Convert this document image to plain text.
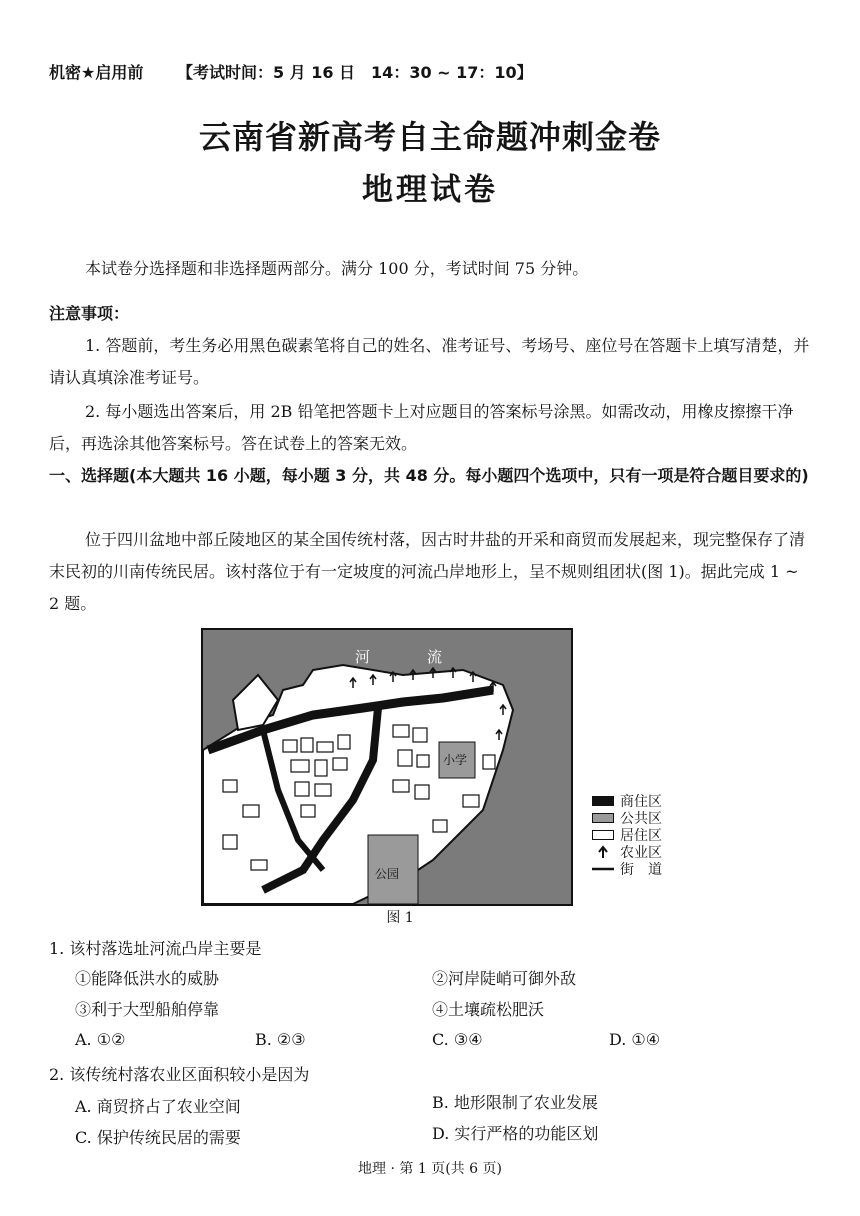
机密★启用前 【考试时间：5 月 16 日　14：30 ~ 17：10】
云南省新高考自主命题冲刺金卷
地理试卷
本试卷分选择题和非选择题两部分。满分 100 分，考试时间 75 分钟。
注意事项：
1. 答题前，考生务必用黑色碳素笔将自己的姓名、准考证号、考场号、座位号在答题卡上填写清楚，并请认真填涂准考证号。
2. 每小题选出答案后，用 2B 铅笔把答题卡上对应题目的答案标号涂黑。如需改动，用橡皮擦擦干净后，再选涂其他答案标号。答在试卷上的答案无效。
一、选择题(本大题共 16 小题，每小题 3 分，共 48 分。每小题四个选项中，只有一项是符合题目要求的)
位于四川盆地中部丘陵地区的某全国传统村落，因古时井盐的开采和商贸而发展起来，现完整保存了清末民初的川南传统民居。该村落位于有一定坡度的河流凸岸地形上，呈不规则组团状(图 1)。据此完成 1 ~ 2 题。
河	流
小学
公园
商住区
公共区
居住区
农业区
街　道
图 1
1. 该村落选址河流凸岸主要是
①能降低洪水的威胁	②河岸陡峭可御外敌
③利于大型船舶停靠	④土壤疏松肥沃
A. ①②	B. ②③	C. ③④	D. ①④
2. 该传统村落农业区面积较小是因为
A. 商贸挤占了农业空间	B. 地形限制了农业发展
C. 保护传统民居的需要	D. 实行严格的功能区划
地理 · 第 1 页(共 6 页)
